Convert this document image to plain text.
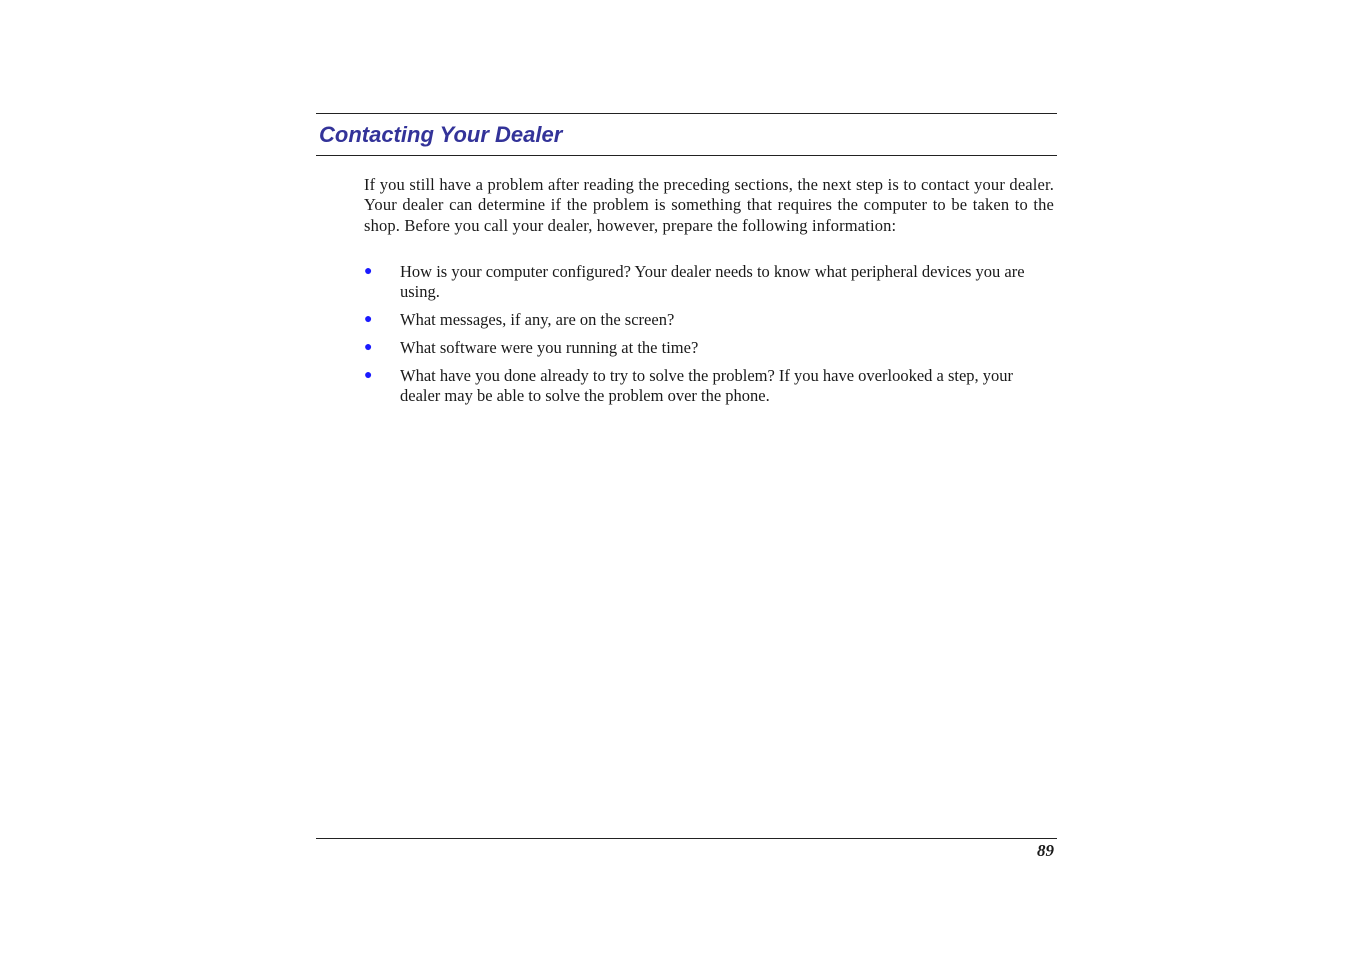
Contacting Your Dealer

If you still have a problem after reading the preceding sections, the next step is to contact your dealer. Your dealer can determine if the problem is something that requires the computer to be taken to the shop. Before you call your dealer, however, prepare the following information:

● How is your computer configured? Your dealer needs to know what peripheral devices you are using.
● What messages, if any, are on the screen?
● What software were you running at the time?
● What have you done already to try to solve the problem? If you have overlooked a step, your dealer may be able to solve the problem over the phone.

89
